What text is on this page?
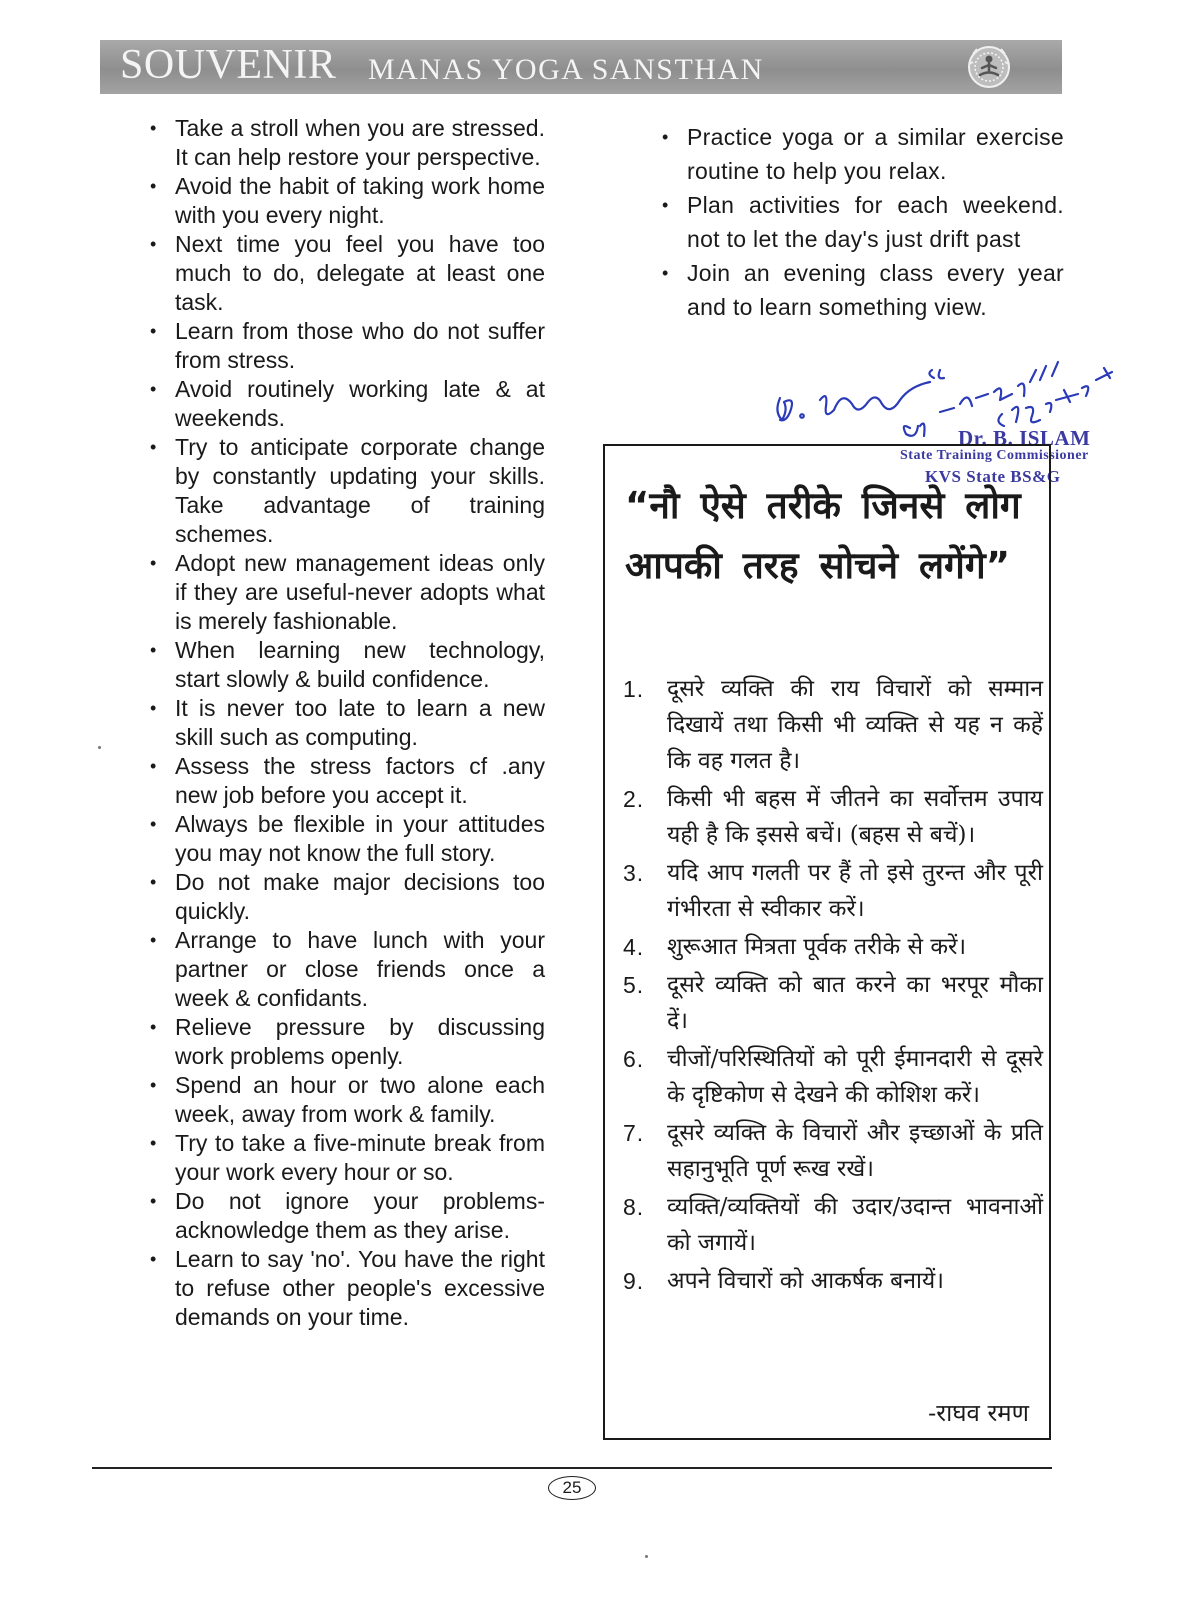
SOUVENIR MANAS YOGA SANSTHAN
• Take a stroll when you are stressed. It can help restore your perspective.
• Avoid the habit of taking work home with you every night.
• Next time you feel you have too much to do, delegate at least one task.
• Learn from those who do not suffer from stress.
• Avoid routinely working late & at weekends.
• Try to anticipate corporate change by constantly updating your skills. Take advantage of training schemes.
• Adopt new management ideas only if they are useful-never adopts what is merely fashionable.
• When learning new technology, start slowly & build confidence.
• It is never too late to learn a new skill such as computing.
• Assess the stress factors cf .any new job before you accept it.
• Always be flexible in your attitudes you may not know the full story.
• Do not make major decisions too quickly.
• Arrange to have lunch with your partner or close friends once a week & confidants.
• Relieve pressure by discussing work problems openly.
• Spend an hour or two alone each week, away from work & family.
• Try to take a five-minute break from your work every hour or so.
• Do not ignore your problems-acknowledge them as they arise.
• Learn to say 'no'. You have the right to refuse other people's excessive demands on your time.
• Practice yoga or a similar exercise routine to help you relax.
• Plan activities for each weekend. not to let the day's just drift past
• Join an evening class every year and to learn something view.
Dr. B. ISLAM
State Training Commissioner
KVS State BS&G
“नौ ऐसे तरीके जिनसे लोग आपकी तरह सोचने लगेंगे”
1. दूसरे व्यक्ति की राय विचारों को सम्मान दिखायें तथा किसी भी व्यक्ति से यह न कहें कि वह गलत है।
2. किसी भी बहस में जीतने का सर्वोत्तम उपाय यही है कि इससे बचें। (बहस से बचें)।
3. यदि आप गलती पर हैं तो इसे तुरन्त और पूरी गंभीरता से स्वीकार करें।
4. शुरूआत मित्रता पूर्वक तरीके से करें।
5. दूसरे व्यक्ति को बात करने का भरपूर मौका दें।
6. चीजों/परिस्थितियों को पूरी ईमानदारी से दूसरे के दृष्टिकोण से देखने की कोशिश करें।
7. दूसरे व्यक्ति के विचारों और इच्छाओं के प्रति सहानुभूति पूर्ण रूख रखें।
8. व्यक्ति/व्यक्तियों की उदार/उदान्त भावनाओं को जगायें।
9. अपने विचारों को आकर्षक बनायें।
-राघव रमण
25
